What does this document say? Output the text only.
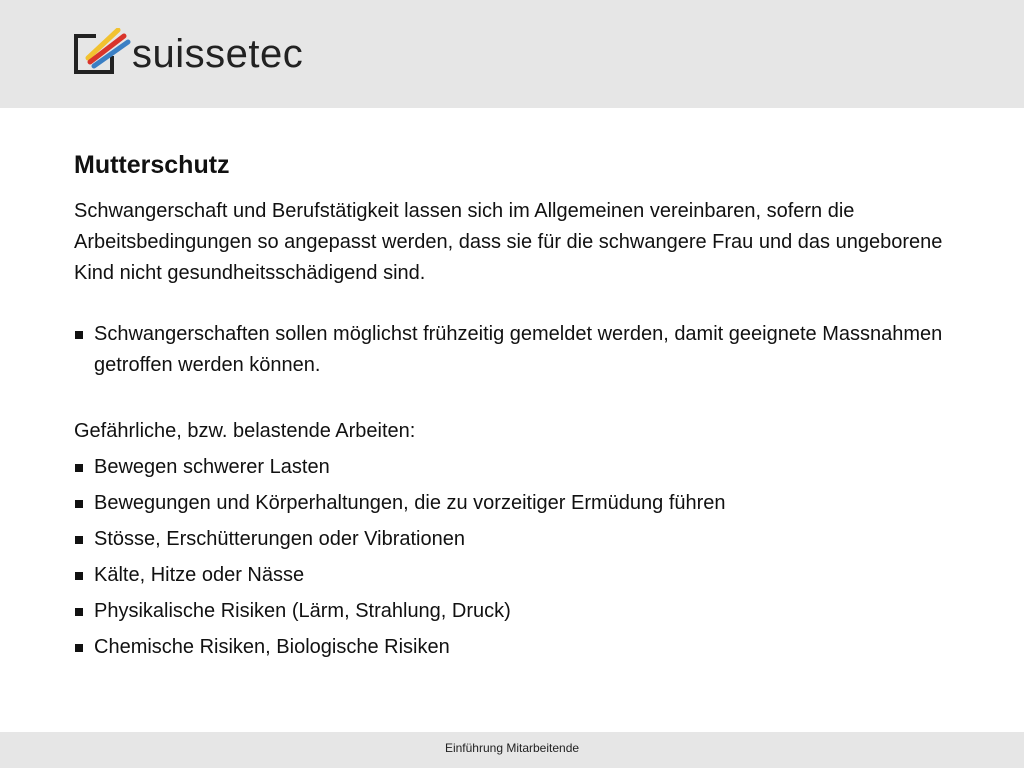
suissetec
Mutterschutz

Schwangerschaft und Berufstätigkeit lassen sich im Allgemeinen vereinbaren, sofern die Arbeitsbedingungen so angepasst werden, dass sie für die schwangere Frau und das ungeborene Kind nicht gesundheitsschädigend sind.

Schwangerschaften sollen möglichst frühzeitig gemeldet werden, damit geeignete Massnahmen getroffen werden können.
Gefährliche, bzw. belastende Arbeiten:
Bewegen schwerer Lasten
Bewegungen und Körperhaltungen, die zu vorzeitiger Ermüdung führen
Stösse, Erschütterungen oder Vibrationen
Kälte, Hitze oder Nässe
Physikalische Risiken (Lärm, Strahlung, Druck)
Chemische Risiken, Biologische Risiken
Einführung Mitarbeitende
